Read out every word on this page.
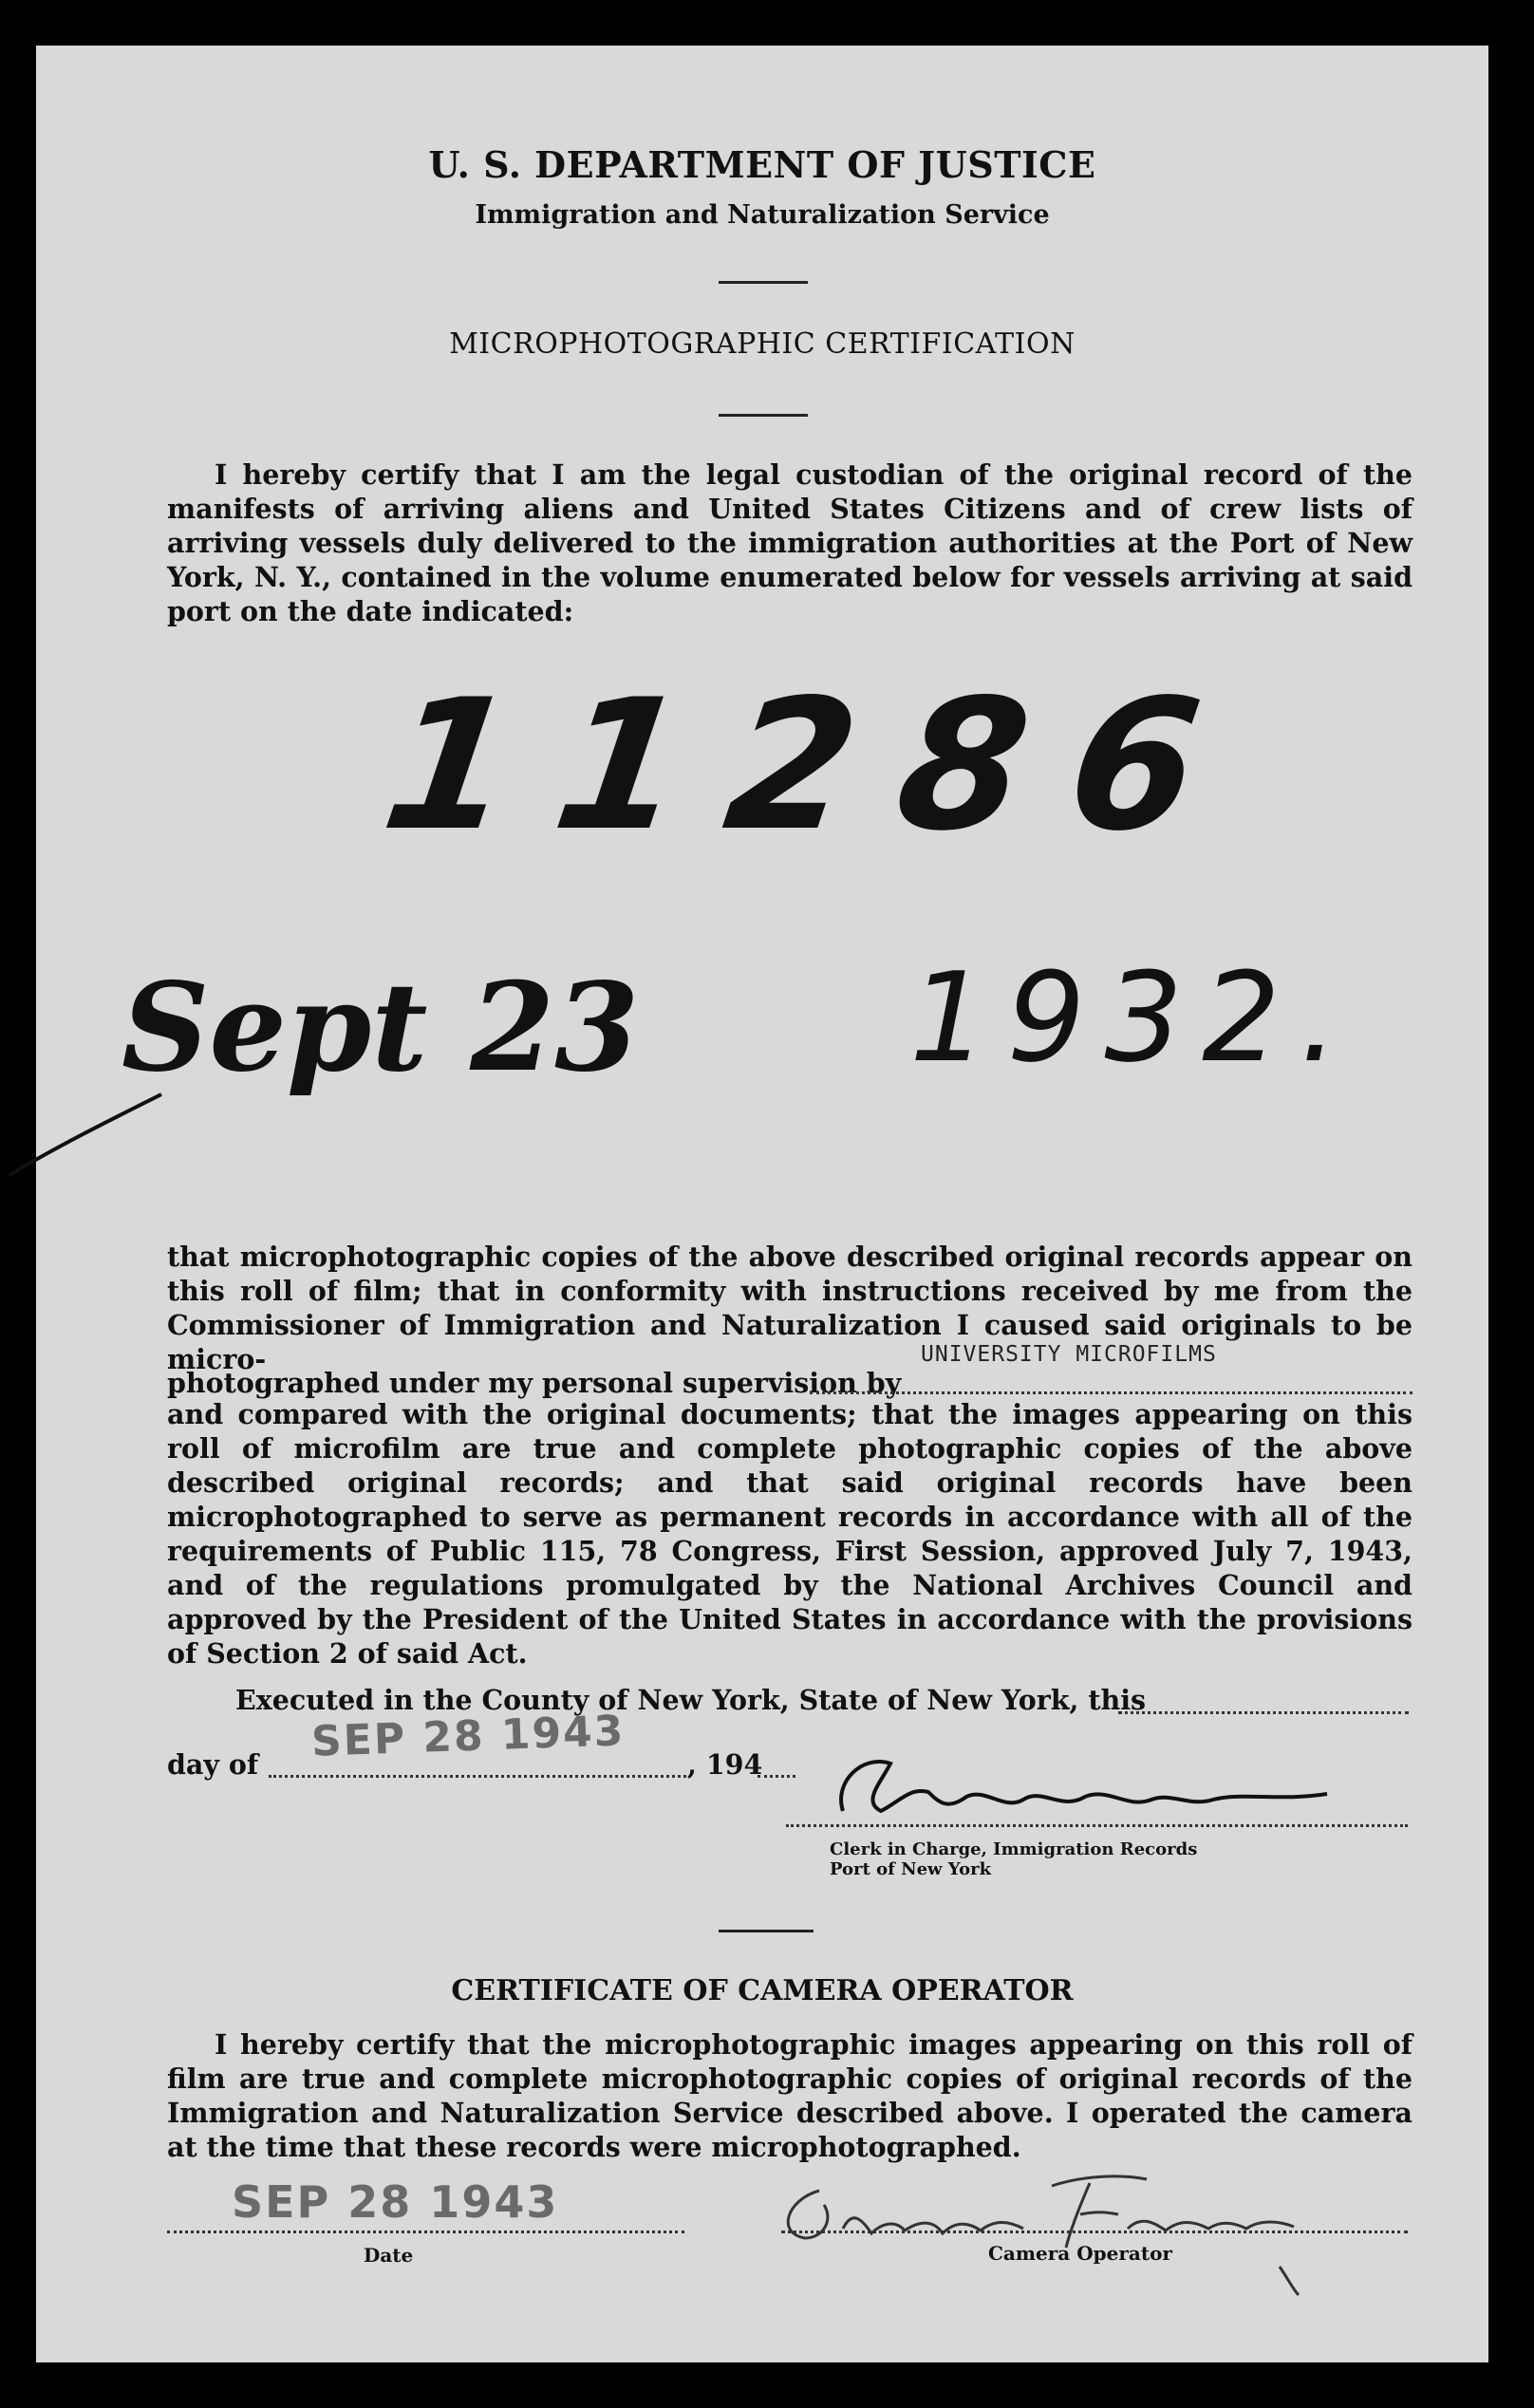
U. S. DEPARTMENT OF JUSTICE
Immigration and Naturalization Service
MICROPHOTOGRAPHIC CERTIFICATION
I hereby certify that I am the legal custodian of the original record of the manifests of arriving aliens and United States Citizens and of crew lists of arriving vessels duly delivered to the immigration authorities at the Port of New York, N. Y., contained in the volume enumerated below for vessels arriving at said port on the date indicated:
11286
Sept 23 1932.
that microphotographic copies of the above described original records appear on this roll of film; that in conformity with instructions received by me from the Commissioner of Immigration and Naturalization I caused said originals to be micro-
photographed under my personal supervision by
UNIVERSITY MICROFILMS
and compared with the original documents; that the images appearing on this roll of microfilm are true and complete photographic copies of the above described original records; and that said original records have been microphotographed to serve as permanent records in accordance with all of the requirements of Public 115, 78 Congress, First Session, approved July 7, 1943, and of the regulations promulgated by the National Archives Council and approved by the President of the United States in accordance with the provisions of Section 2 of said Act.
Executed in the County of New York, State of New York, this
SEP 28 1943
day of	, 194
Clerk in Charge, Immigration Records
Port of New York
CERTIFICATE OF CAMERA OPERATOR
I hereby certify that the microphotographic images appearing on this roll of film are true and complete microphotographic copies of original records of the Immigration and Naturalization Service described above. I operated the camera at the time that these records were microphotographed.
SEP 28 1943
Date	Camera Operator
